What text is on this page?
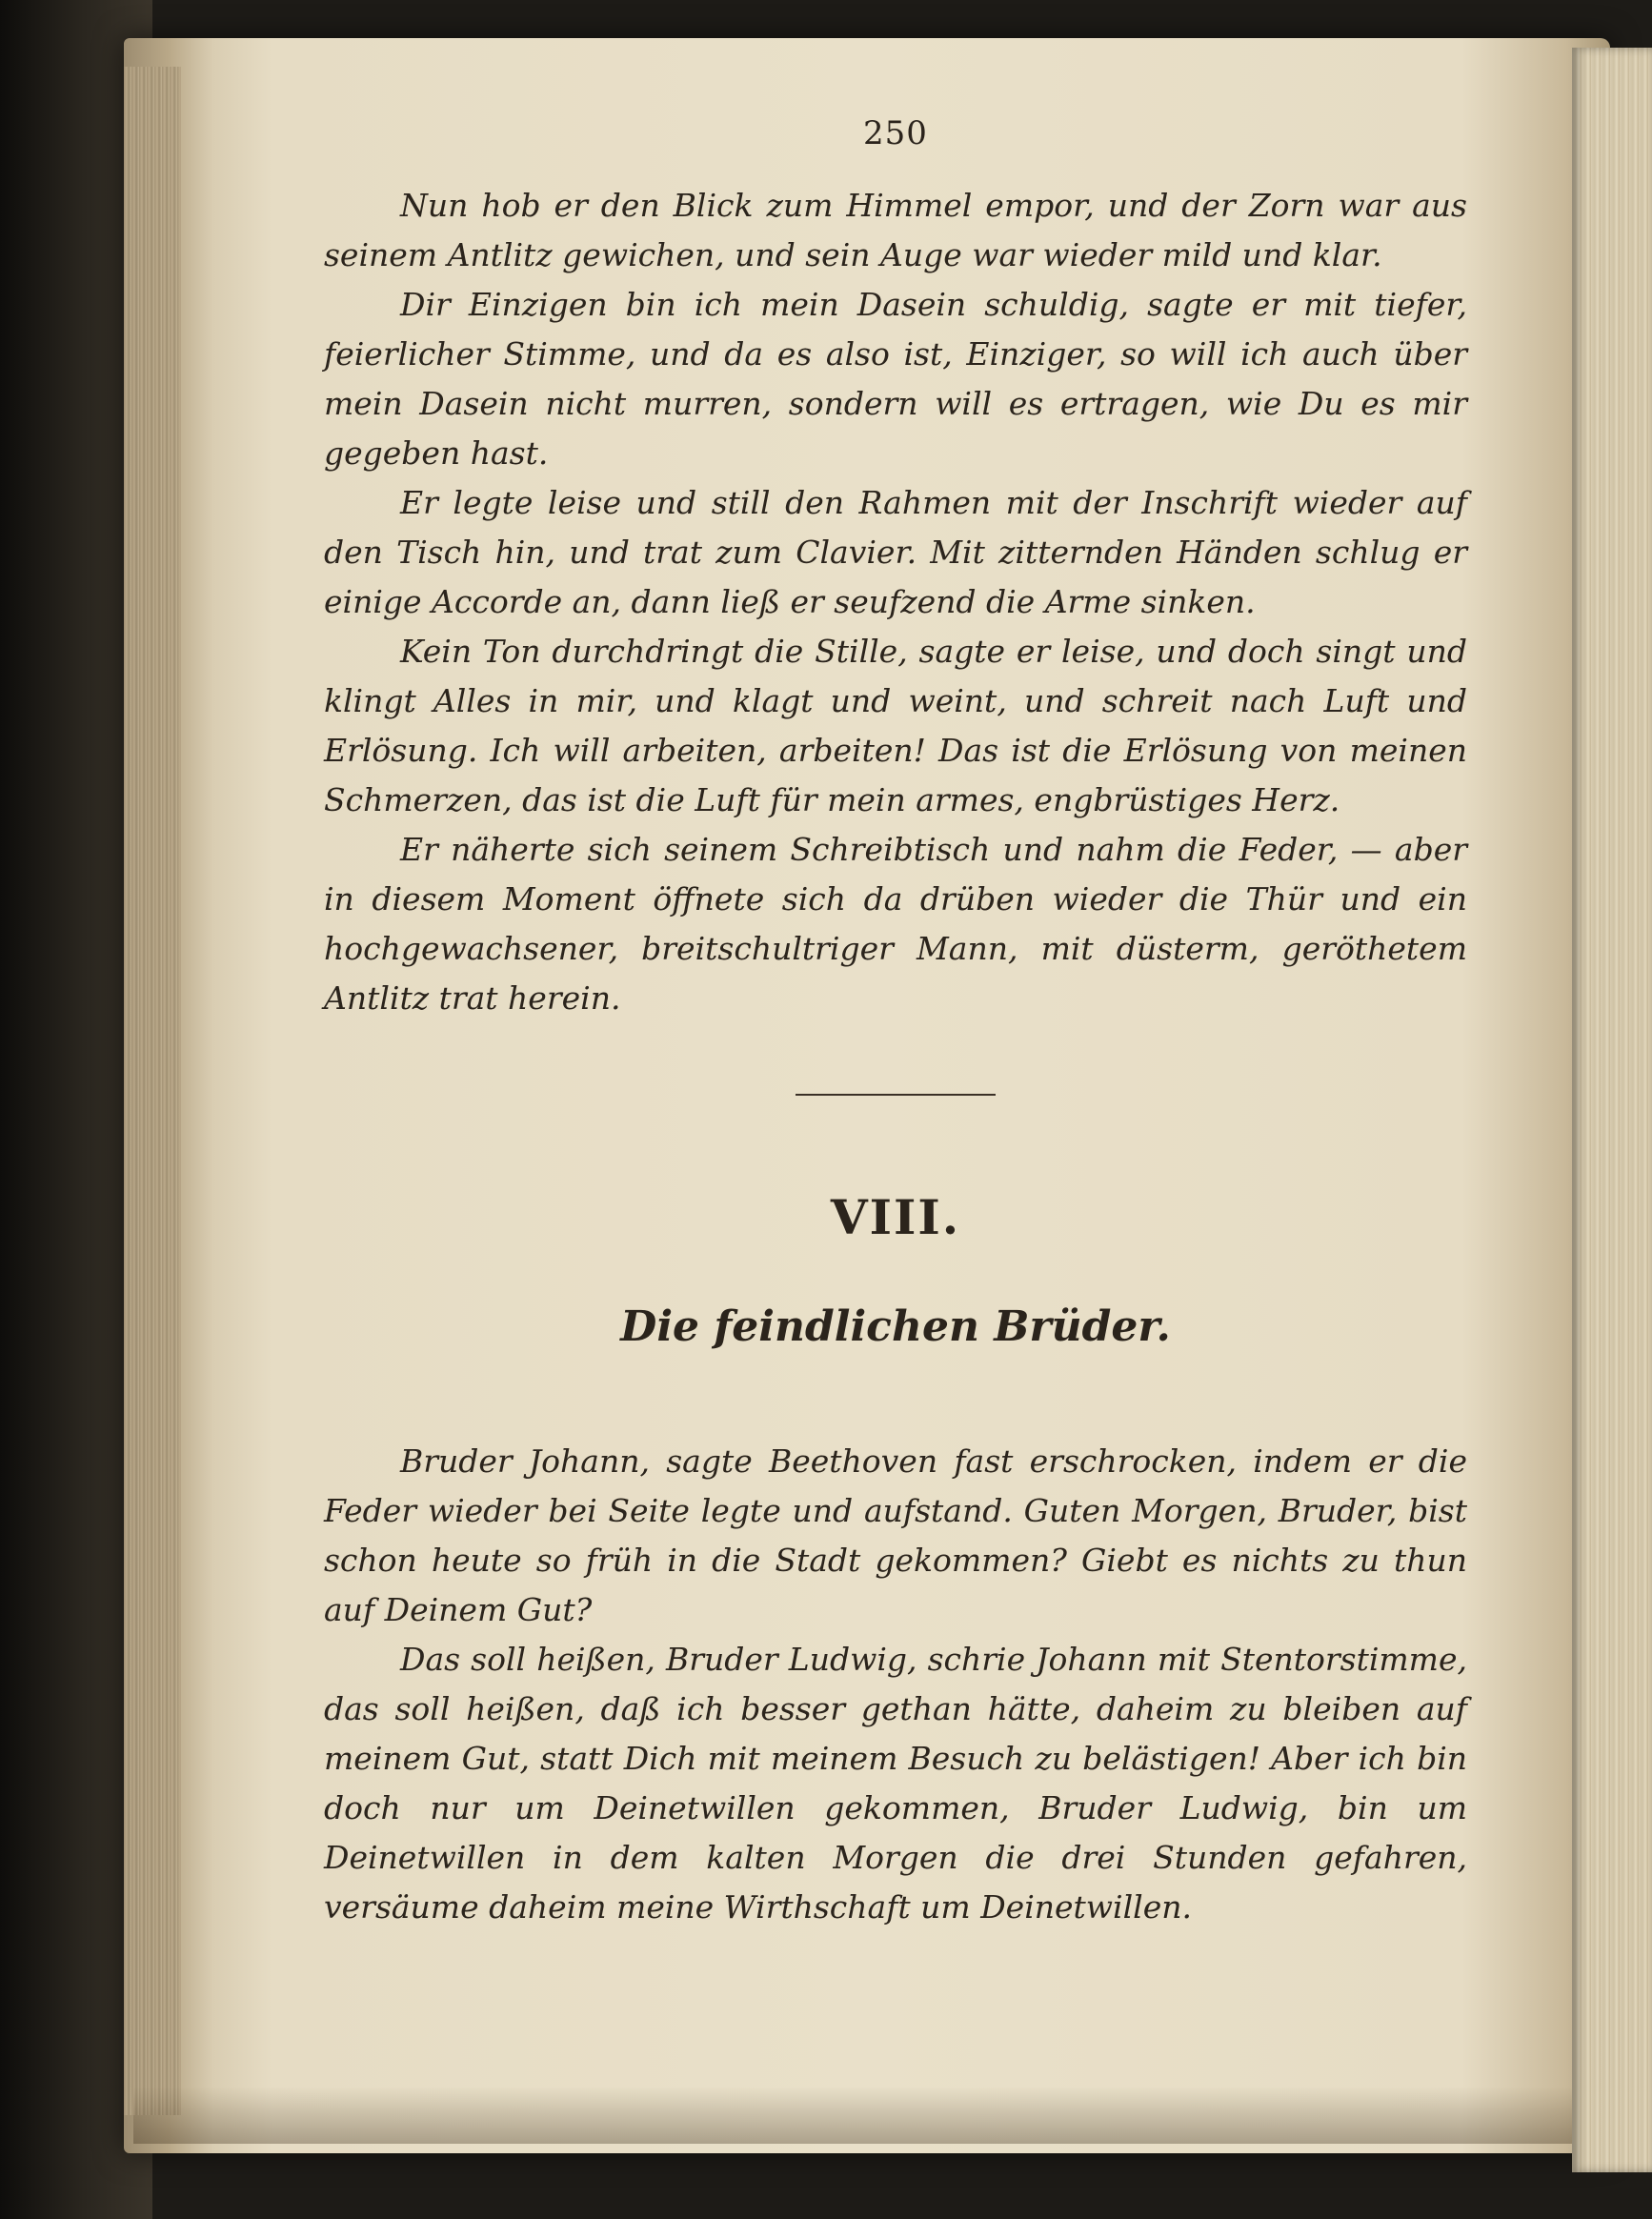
250

Nun hob er den Blick zum Himmel empor, und der Zorn war aus seinem Antlitz gewichen, und sein Auge war wieder mild und klar.

Dir Einzigen bin ich mein Dasein schuldig, sagte er mit tiefer, feierlicher Stimme, und da es also ist, Einziger, so will ich auch über mein Dasein nicht murren, sondern will es ertragen, wie Du es mir gegeben hast.

Er legte leise und still den Rahmen mit der Inschrift wieder auf den Tisch hin, und trat zum Clavier. Mit zitternden Händen schlug er einige Accorde an, dann ließ er seufzend die Arme sinken.

Kein Ton durchdringt die Stille, sagte er leise, und doch singt und klingt Alles in mir, und klagt und weint, und schreit nach Luft und Erlösung. Ich will arbeiten, arbeiten! Das ist die Erlösung von meinen Schmerzen, das ist die Luft für mein armes, engbrüstiges Herz.

Er näherte sich seinem Schreibtisch und nahm die Feder, — aber in diesem Moment öffnete sich da drüben wieder die Thür und ein hochgewachsener, breitschultriger Mann, mit düsterm, geröthetem Antlitz trat herein.

VIII.
Die feindlichen Brüder.

Bruder Johann, sagte Beethoven fast erschrocken, indem er die Feder wieder bei Seite legte und aufstand. Guten Morgen, Bruder, bist schon heute so früh in die Stadt gekommen? Giebt es nichts zu thun auf Deinem Gut?

Das soll heißen, Bruder Ludwig, schrie Johann mit Stentorstimme, das soll heißen, daß ich besser gethan hätte, daheim zu bleiben auf meinem Gut, statt Dich mit meinem Besuch zu belästigen! Aber ich bin doch nur um Deinetwillen gekommen, Bruder Ludwig, bin um Deinetwillen in dem kalten Morgen die drei Stunden gefahren, versäume daheim meine Wirthschaft um Deinetwillen.
